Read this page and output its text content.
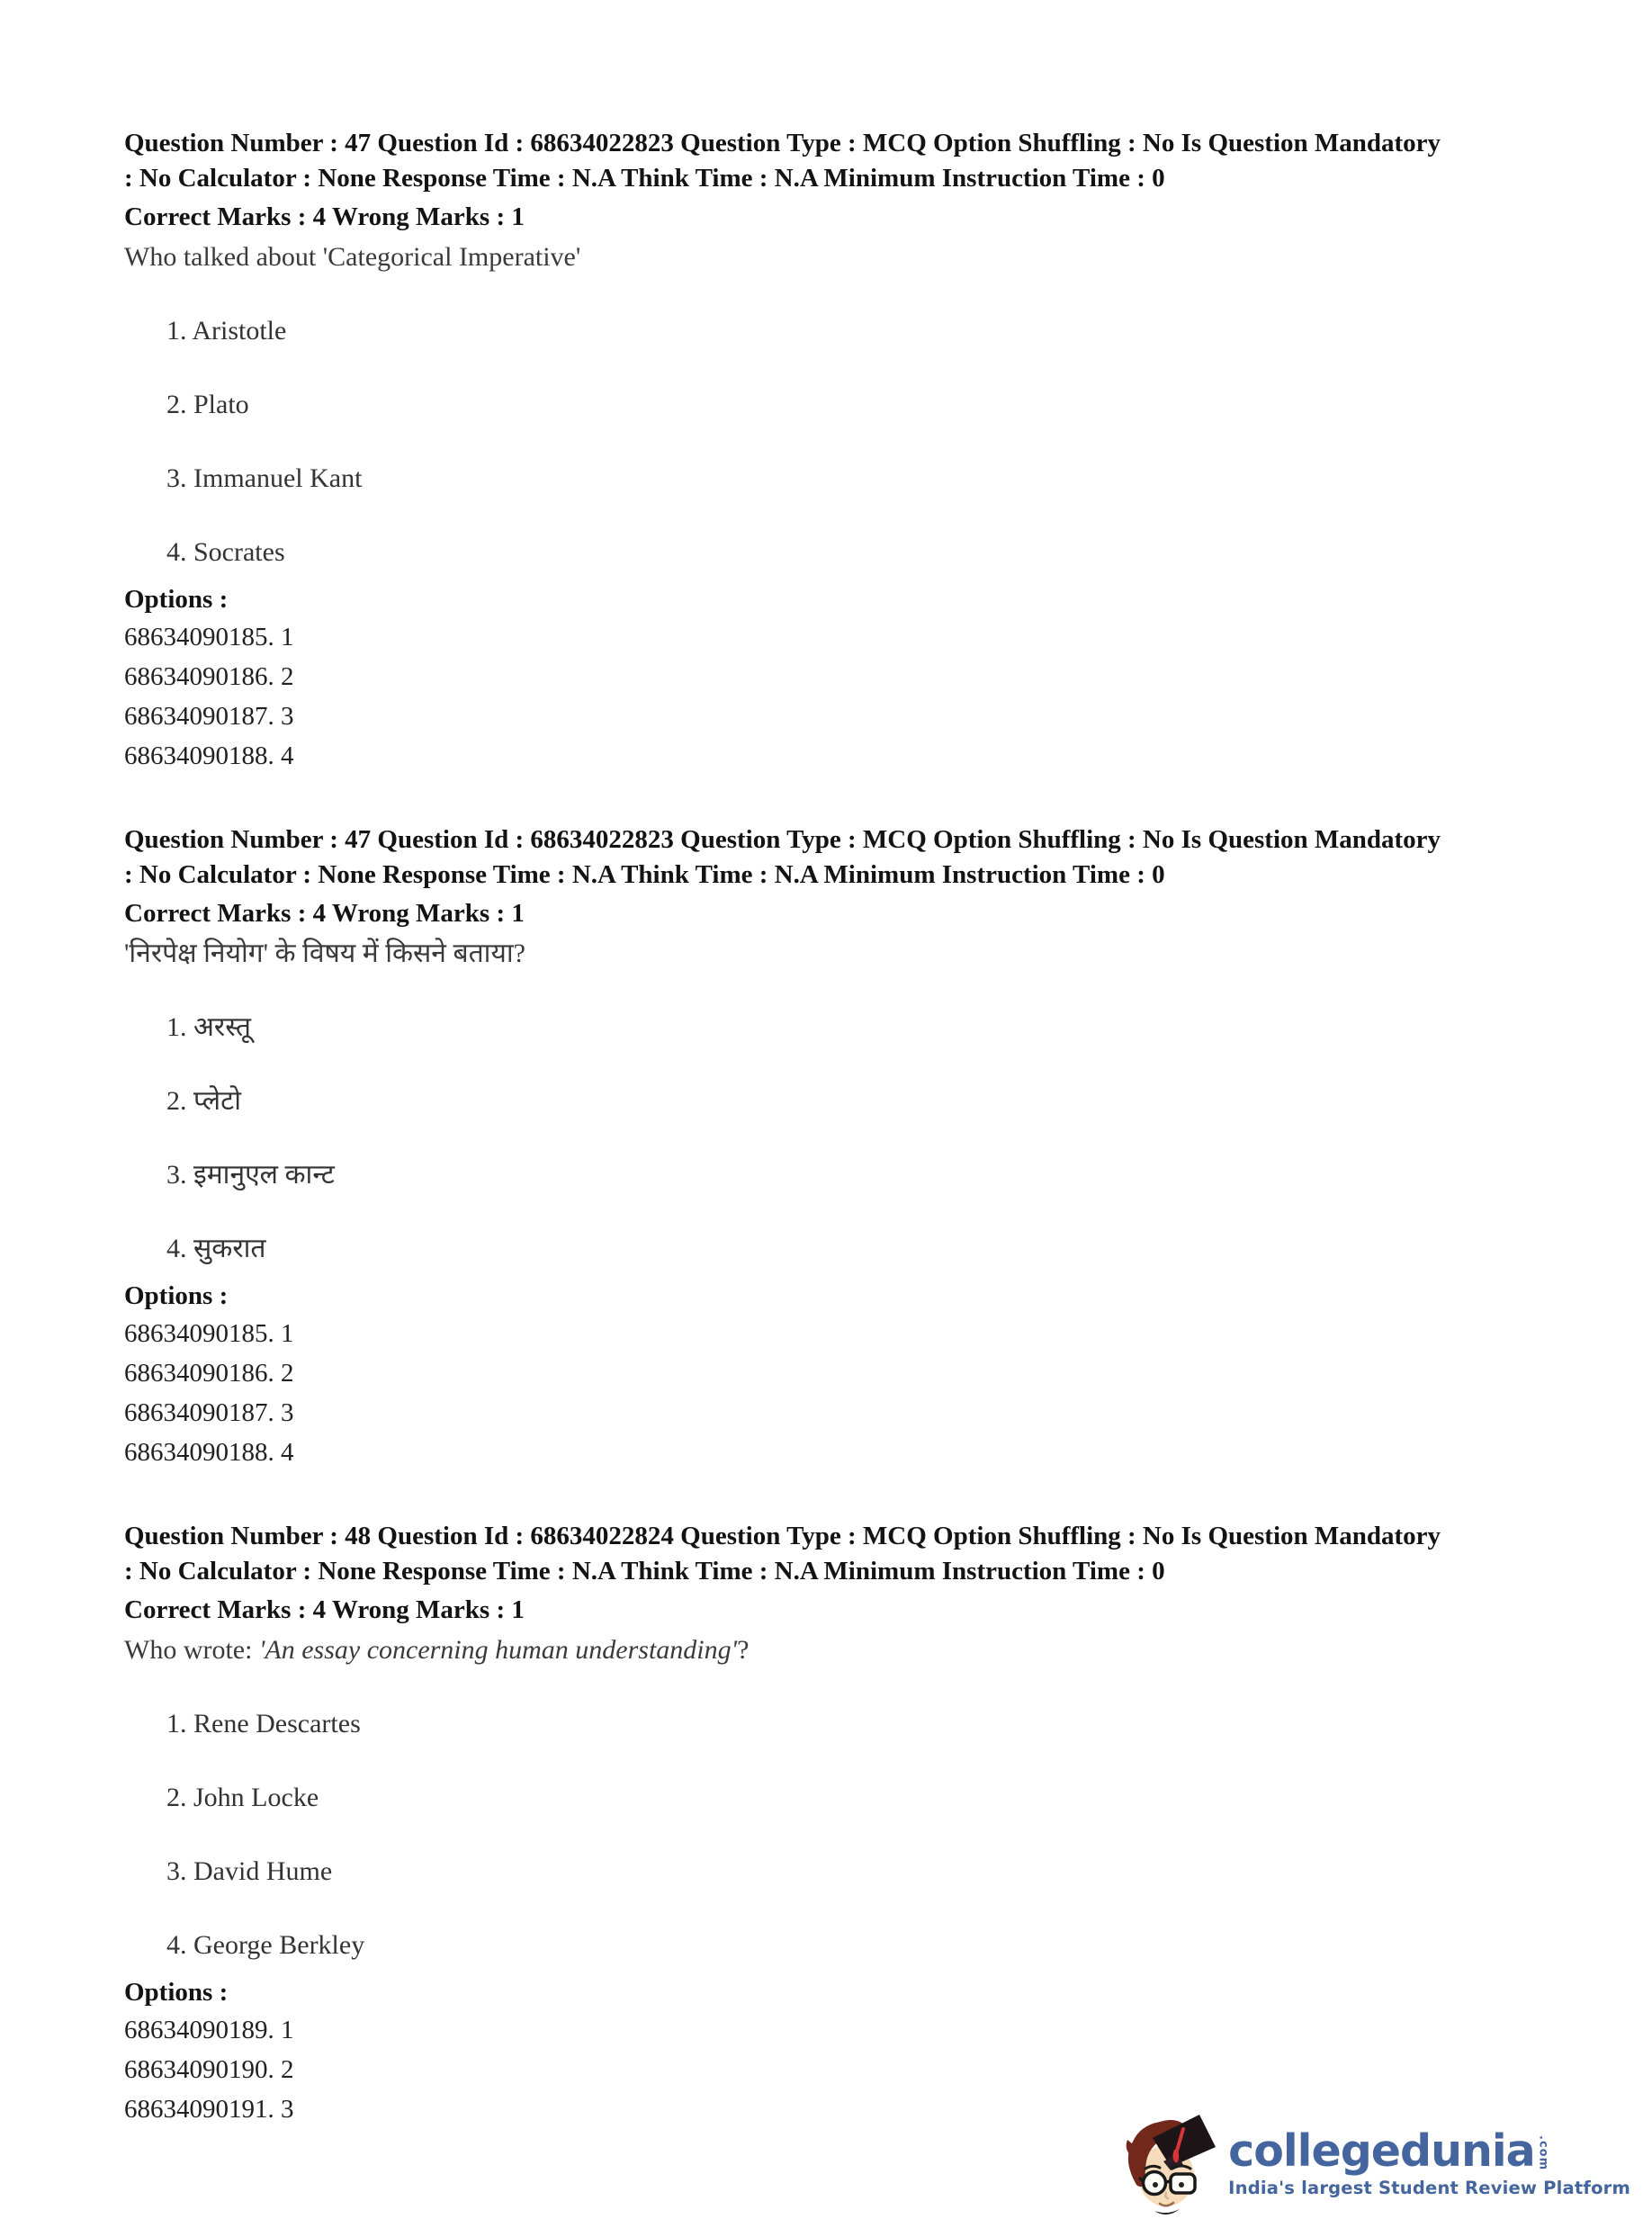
Question Number : 47 Question Id : 68634022823 Question Type : MCQ Option Shuffling : No Is Question Mandatory
: No Calculator : None Response Time : N.A Think Time : N.A Minimum Instruction Time : 0
Correct Marks : 4 Wrong Marks : 1
Who talked about 'Categorical Imperative'
1. Aristotle
2. Plato
3. Immanuel Kant
4. Socrates
Options :
68634090185. 1
68634090186. 2
68634090187. 3
68634090188. 4
Question Number : 47 Question Id : 68634022823 Question Type : MCQ Option Shuffling : No Is Question Mandatory
: No Calculator : None Response Time : N.A Think Time : N.A Minimum Instruction Time : 0
Correct Marks : 4 Wrong Marks : 1
'निरपेक्ष नियोग' के विषय में किसने बताया?
1. अरस्तू
2. प्लेटो
3. इमानुएल कान्ट
4. सुकरात
Options :
68634090185. 1
68634090186. 2
68634090187. 3
68634090188. 4
Question Number : 48 Question Id : 68634022824 Question Type : MCQ Option Shuffling : No Is Question Mandatory
: No Calculator : None Response Time : N.A Think Time : N.A Minimum Instruction Time : 0
Correct Marks : 4 Wrong Marks : 1
Who wrote: 'An essay concerning human understanding'?
1. Rene Descartes
2. John Locke
3. David Hume
4. George Berkley
Options :
68634090189. 1
68634090190. 2
68634090191. 3
collegedunia .com
India's largest Student Review Platform
